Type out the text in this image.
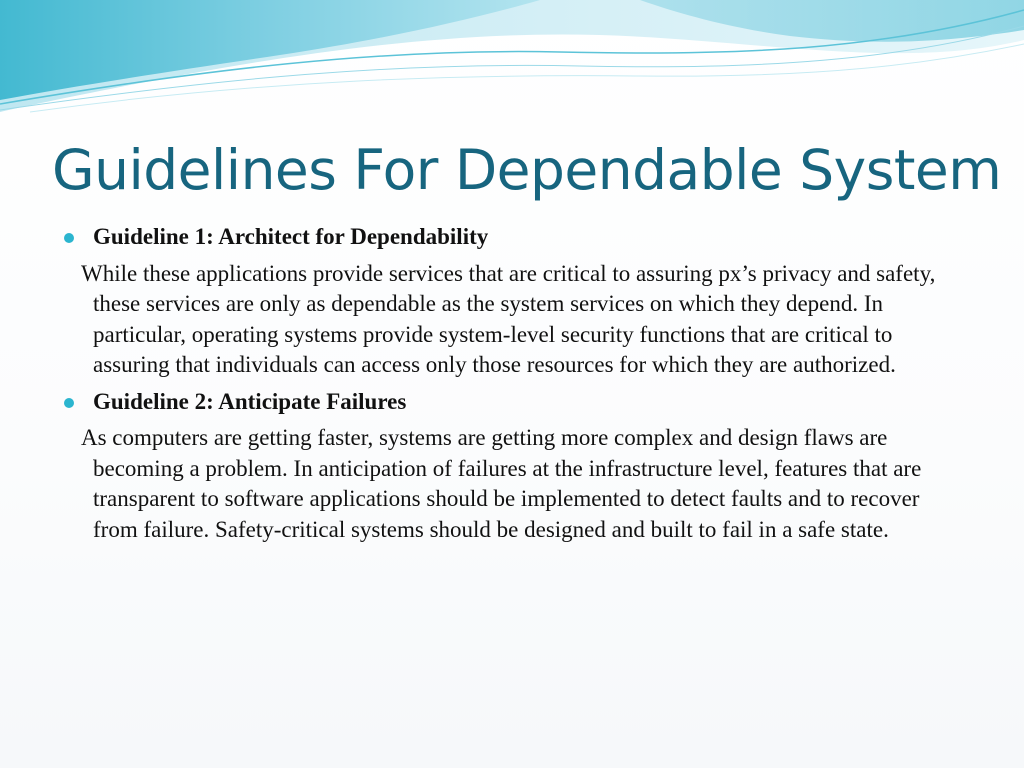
Guidelines For Dependable System
Guideline 1: Architect for Dependability
While these applications provide services that are critical to assuring px’s privacy and safety, these services are only as dependable as the system services on which they depend. In particular, operating systems provide system-level security functions that are critical to assuring that individuals can access only those resources for which they are authorized.
Guideline 2: Anticipate Failures
As computers are getting faster, systems are getting more complex and design flaws are becoming a problem. In anticipation of failures at the infrastructure level, features that are transparent to software applications should be implemented to detect faults and to recover from failure. Safety-critical systems should be designed and built to fail in a safe state.
